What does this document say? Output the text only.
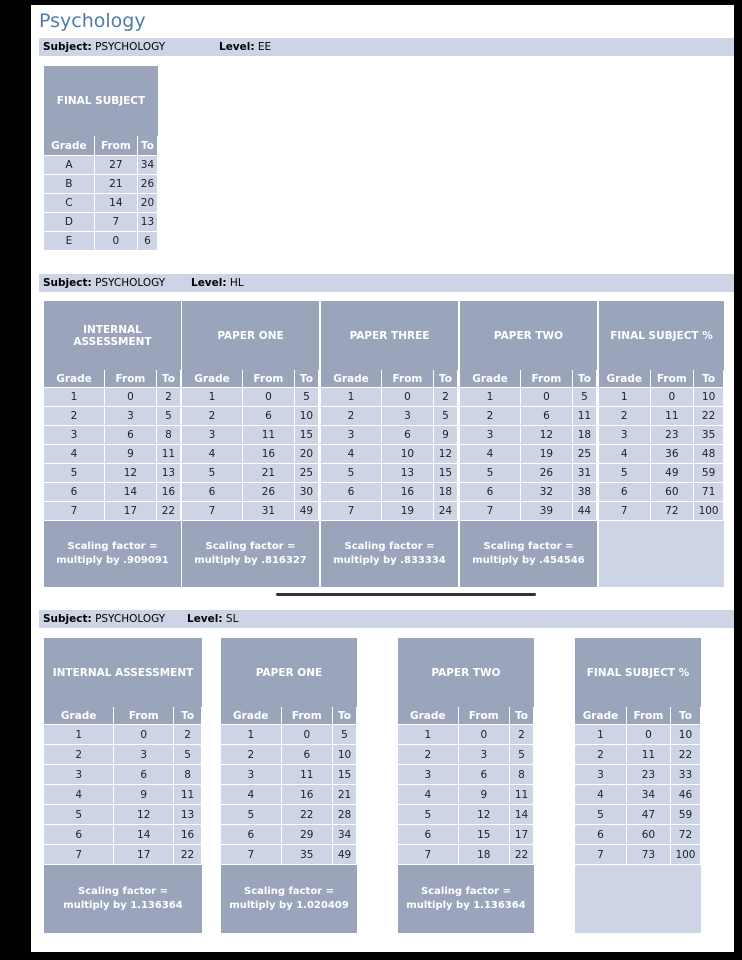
Psychology
Subject: PSYCHOLOGY	Level: EE
FINAL SUBJECT
Grade	From	To
A	27	34
B	21	26
C	14	20
D	7	13
E	0	6
Subject: PSYCHOLOGY Level: HL
INTERNAL ASSESSMENT
Grade	From	To
1	0	2
2	3	5
3	6	8
4	9	11
5	12	13
6	14	16
7	17	22
Scaling factor =
multiply by .909091
PAPER ONE
Grade	From	To
1	0	5
2	6	10
3	11	15
4	16	20
5	21	25
6	26	30
7	31	49
Scaling factor =
multiply by .816327
PAPER THREE
Grade	From	To
1	0	2
2	3	5
3	6	9
4	10	12
5	13	15
6	16	18
7	19	24
Scaling factor =
multiply by .833334
PAPER TWO
Grade	From	To
1	0	5
2	6	11
3	12	18
4	19	25
5	26	31
6	32	38
7	39	44
Scaling factor =
multiply by .454546
FINAL SUBJECT %
Grade	From	To
1	0	10
2	11	22
3	23	35
4	36	48
5	49	59
6	60	71
7	72	100
Subject: PSYCHOLOGY Level: SL
INTERNAL ASSESSMENT
Grade	From	To
1	0	2
2	3	5
3	6	8
4	9	11
5	12	13
6	14	16
7	17	22
Scaling factor =
multiply by 1.136364
PAPER ONE
Grade	From	To
1	0	5
2	6	10
3	11	15
4	16	21
5	22	28
6	29	34
7	35	49
Scaling factor =
multiply by 1.020409
PAPER TWO
Grade	From	To
1	0	2
2	3	5
3	6	8
4	9	11
5	12	14
6	15	17
7	18	22
Scaling factor =
multiply by 1.136364
FINAL SUBJECT %
Grade	From	To
1	0	10
2	11	22
3	23	33
4	34	46
5	47	59
6	60	72
7	73	100
